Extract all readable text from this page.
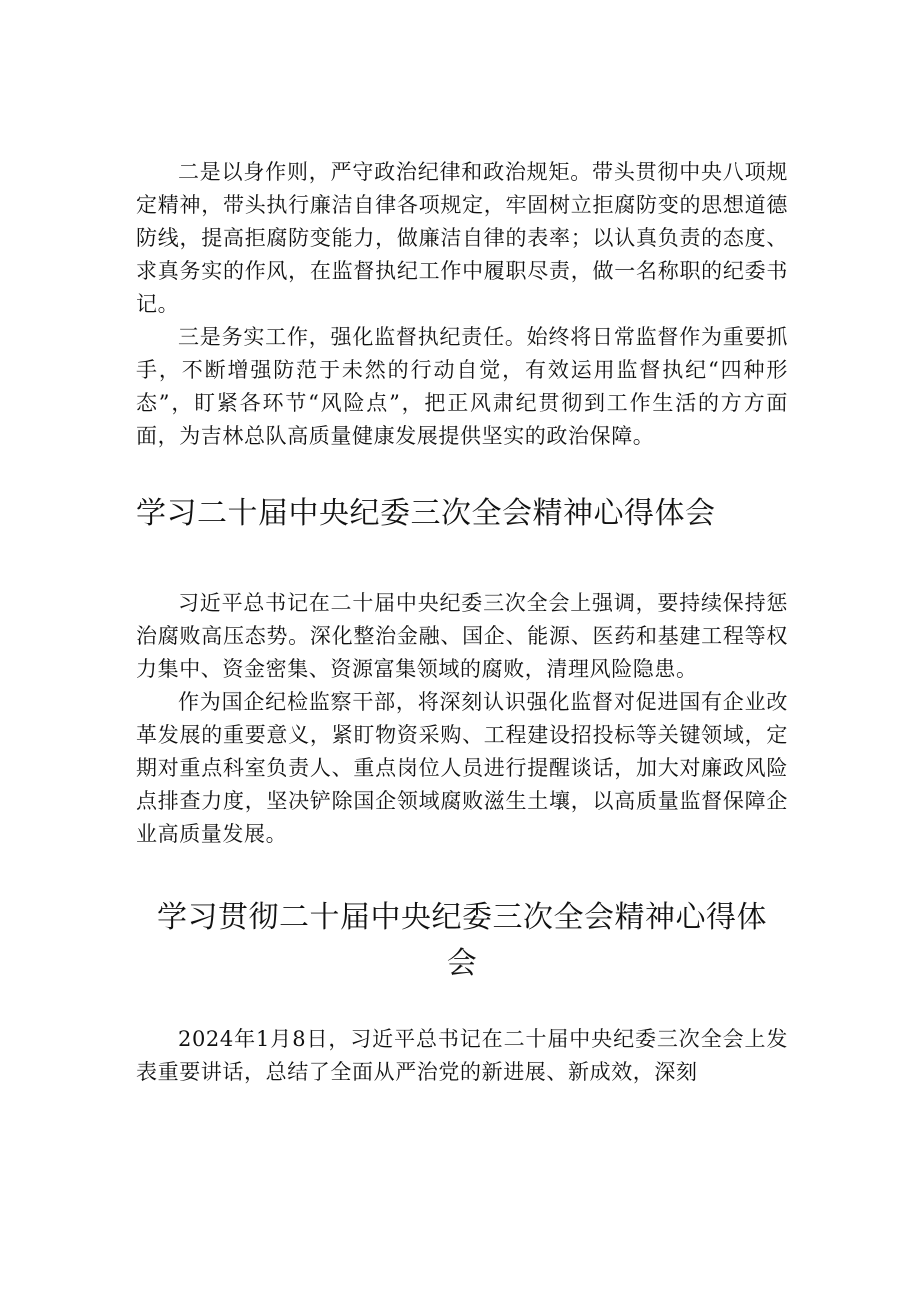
二是以身作则，严守政治纪律和政治规矩。带头贯彻中央八项规定精神，带头执行廉洁自律各项规定，牢固树立拒腐防变的思想道德防线，提高拒腐防变能力，做廉洁自律的表率；以认真负责的态度、求真务实的作风，在监督执纪工作中履职尽责，做一名称职的纪委书记。

三是务实工作，强化监督执纪责任。始终将日常监督作为重要抓手，不断增强防范于未然的行动自觉，有效运用监督执纪“四种形态”，盯紧各环节“风险点”，把正风肃纪贯彻到工作生活的方方面面，为吉林总队高质量健康发展提供坚实的政治保障。

学习二十届中央纪委三次全会精神心得体会

习近平总书记在二十届中央纪委三次全会上强调，要持续保持惩治腐败高压态势。深化整治金融、国企、能源、医药和基建工程等权力集中、资金密集、资源富集领域的腐败，清理风险隐患。

作为国企纪检监察干部，将深刻认识强化监督对促进国有企业改革发展的重要意义，紧盯物资采购、工程建设招投标等关键领域，定期对重点科室负责人、重点岗位人员进行提醒谈话，加大对廉政风险点排查力度，坚决铲除国企领域腐败滋生土壤，以高质量监督保障企业高质量发展。

学习贯彻二十届中央纪委三次全会精神心得体会

2024年1月8日，习近平总书记在二十届中央纪委三次全会上发表重要讲话，总结了全面从严治党的新进展、新成效，深刻
